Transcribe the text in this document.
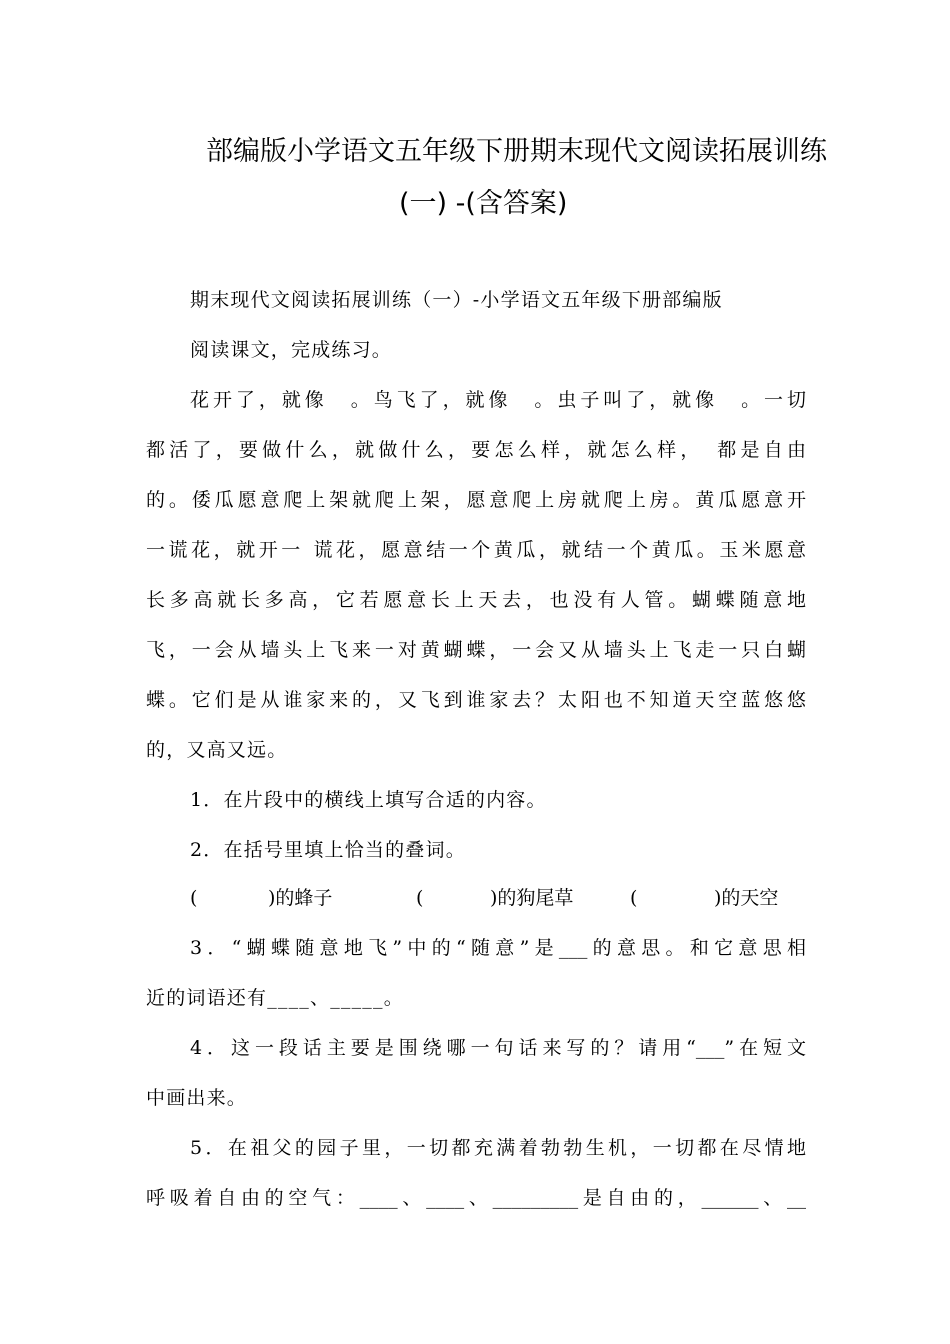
部编版小学语文五年级下册期末现代文阅读拓展训练
(一) -(含答案)
期末现代文阅读拓展训练（一）-小学语文五年级下册部编版
阅读课文，完成练习。
花开了，就像　。鸟飞了，就像　。虫子叫了，就像　。一切
都活了，要做什么，就做什么，要怎么样，就怎么样，　都是自由
的。倭瓜愿意爬上架就爬上架，愿意爬上房就爬上房。黄瓜愿意开
一谎花，就开一 谎花，愿意结一个黄瓜，就结一个黄瓜。玉米愿意
长多高就长多高，它若愿意长上天去，也没有人管。蝴蝶随意地
飞，一会从墙头上飞来一对黄蝴蝶，一会又从墙头上飞走一只白蝴
蝶。它们是从谁家来的，又飞到谁家去？太阳也不知道天空蓝悠悠
的，又高又远。
1．在片段中的横线上填写合适的内容。
2．在括号里填上恰当的叠词。
(	)的蜂子	(	)的狗尾草	(	)的天空
3．“蝴蝶随意地飞”中的“随意”是___的意思。和它意思相
近的词语还有____、_____。
4．这一段话主要是围绕哪一句话来写的？请用“___”在短文
中画出来。
5．在祖父的园子里，一切都充满着勃勃生机，一切都在尽情地
呼吸着自由的空气：____、____、_________是自由的，______、__
